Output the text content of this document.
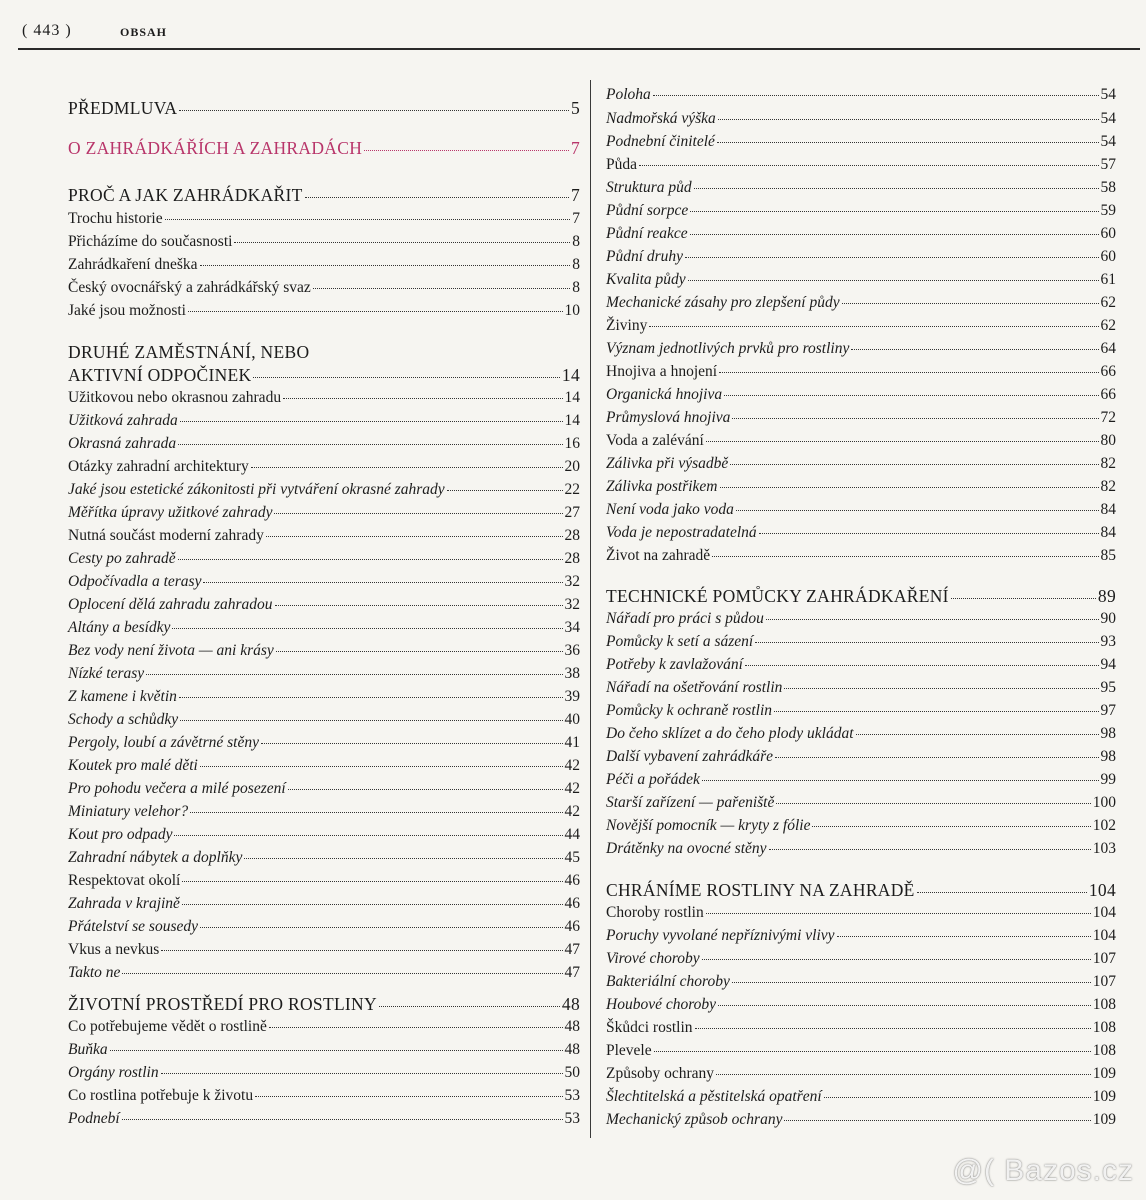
( 443 )	OBSAH
PŘEDMLUVA	5
O ZAHRÁDKÁŘÍCH A ZAHRADÁCH	7
PROČ A JAK ZAHRÁDKAŘIT	7
Trochu historie	7
Přicházíme do současnosti	8
Zahrádkaření dneška	8
Český ovocnářský a zahrádkářský svaz	8
Jaké jsou možnosti	10
DRUHÉ ZAMĚSTNÁNÍ, NEBO
AKTIVNÍ ODPOČINEK	14
Užitkovou nebo okrasnou zahradu	14
Užitková zahrada	14
Okrasná zahrada	16
Otázky zahradní architektury	20
Jaké jsou estetické zákonitosti při vytváření okrasné zahrady	22
Měřítka úpravy užitkové zahrady	27
Nutná součást moderní zahrady	28
Cesty po zahradě	28
Odpočívadla a terasy	32
Oplocení dělá zahradu zahradou	32
Altány a besídky	34
Bez vody není života — ani krásy	36
Nízké terasy	38
Z kamene i květin	39
Schody a schůdky	40
Pergoly, loubí a závětrné stěny	41
Koutek pro malé děti	42
Pro pohodu večera a milé posezení	42
Miniatury velehor?	42
Kout pro odpady	44
Zahradní nábytek a doplňky	45
Respektovat okolí	46
Zahrada v krajině	46
Přátelství se sousedy	46
Vkus a nevkus	47
Takto ne	47
ŽIVOTNÍ PROSTŘEDÍ PRO ROSTLINY	48
Co potřebujeme vědět o rostlině	48
Buňka	48
Orgány rostlin	50
Co rostlina potřebuje k životu	53
Podnebí	53
Poloha	54
Nadmořská výška	54
Podnební činitelé	54
Půda	57
Struktura půd	58
Půdní sorpce	59
Půdní reakce	60
Půdní druhy	60
Kvalita půdy	61
Mechanické zásahy pro zlepšení půdy	62
Živiny	62
Význam jednotlivých prvků pro rostliny	64
Hnojiva a hnojení	66
Organická hnojiva	66
Průmyslová hnojiva	72
Voda a zalévání	80
Zálivka při výsadbě	82
Zálivka postřikem	82
Není voda jako voda	84
Voda je nepostradatelná	84
Život na zahradě	85
TECHNICKÉ POMŮCKY ZAHRÁDKAŘENÍ	89
Nářadí pro práci s půdou	90
Pomůcky k setí a sázení	93
Potřeby k zavlažování	94
Nářadí na ošetřování rostlin	95
Pomůcky k ochraně rostlin	97
Do čeho sklízet a do čeho plody ukládat	98
Další vybavení zahrádkáře	98
Péči a pořádek	99
Starší zařízení — pařeniště	100
Novější pomocník — kryty z fólie	102
Drátěnky na ovocné stěny	103
CHRÁNÍME ROSTLINY NA ZAHRADĚ	104
Choroby rostlin	104
Poruchy vyvolané nepříznivými vlivy	104
Virové choroby	107
Bakteriální choroby	107
Houbové choroby	108
Škůdci rostlin	108
Plevele	108
Způsoby ochrany	109
Šlechtitelská a pěstitelská opatření	109
Mechanický způsob ochrany	109
@( Bazos.cz
